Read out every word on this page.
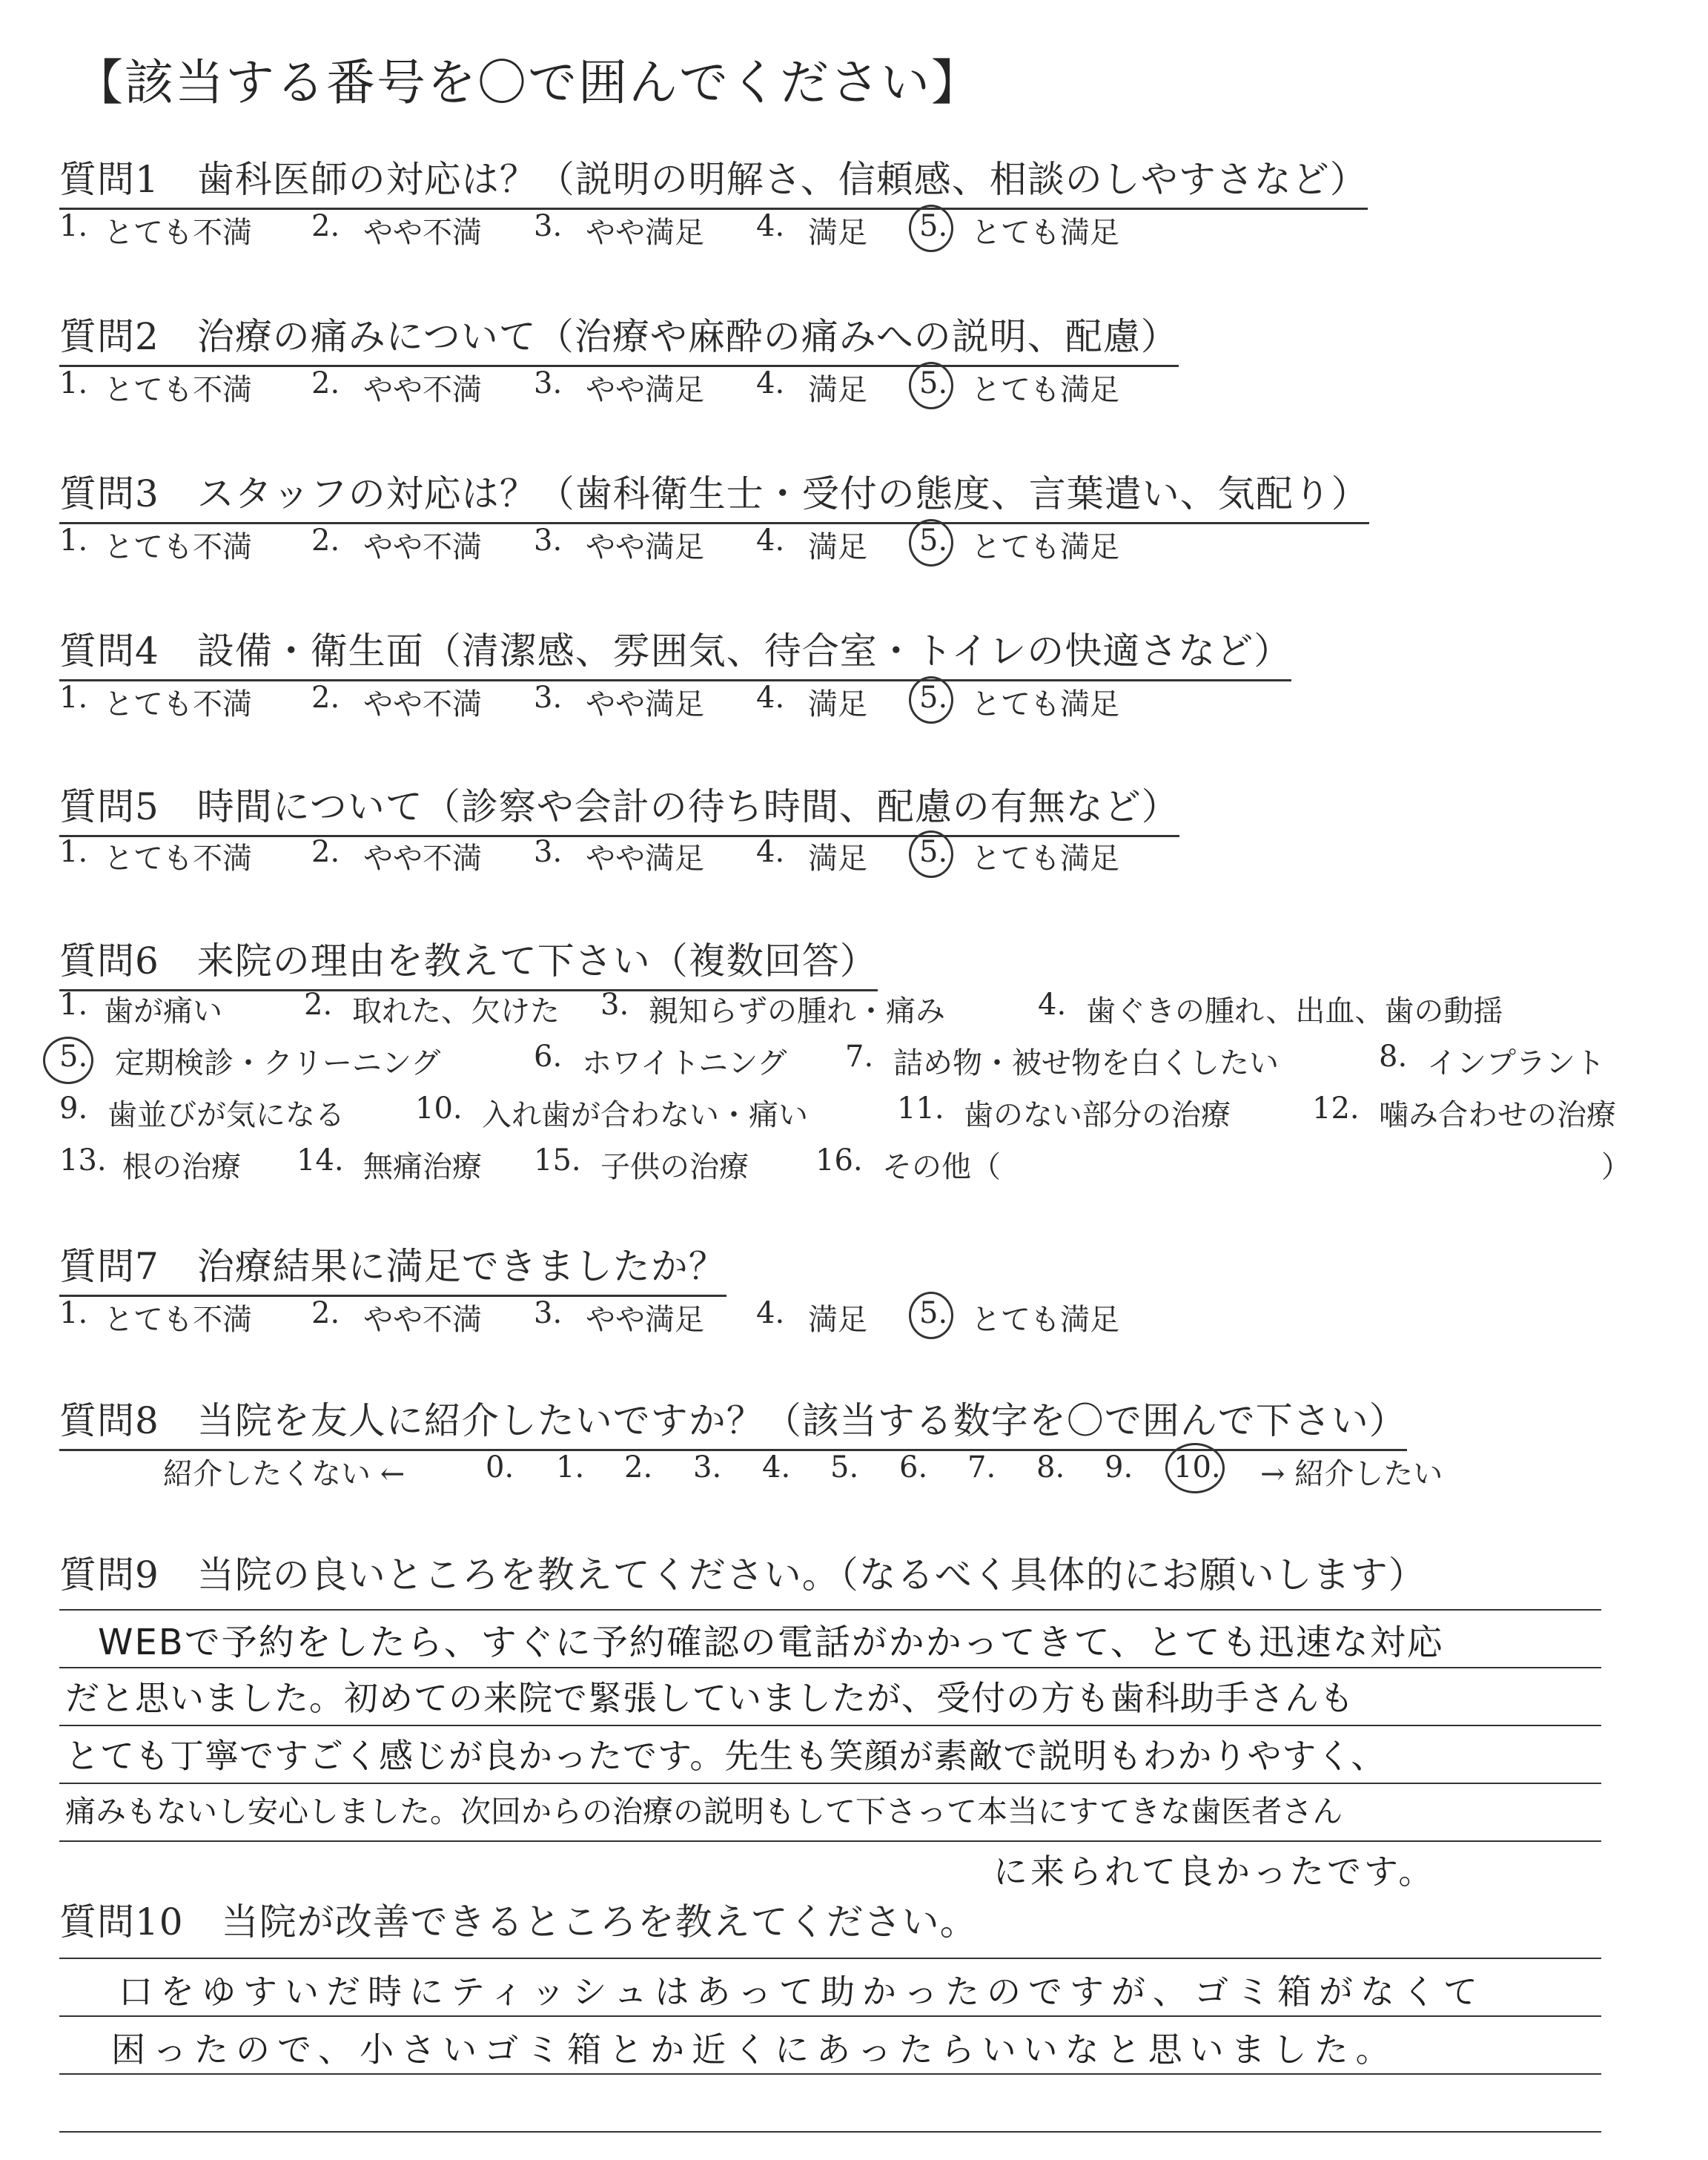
【該当する番号を〇で囲んでください】
質問1　歯科医師の対応は？（説明の明解さ、信頼感、相談のしやすさなど）
1. とても不満 2. やや不満 3. やや満足 4. 満足 5. とても満足
質問2　治療の痛みについて（治療や麻酔の痛みへの説明、配慮）
1. とても不満 2. やや不満 3. やや満足 4. 満足 5. とても満足
質問3　スタッフの対応は？（歯科衛生士・受付の態度、言葉遣い、気配り）
1. とても不満 2. やや不満 3. やや満足 4. 満足 5. とても満足
質問4　設備・衛生面（清潔感、雰囲気、待合室・トイレの快適さなど）
1. とても不満 2. やや不満 3. やや満足 4. 満足 5. とても満足
質問5　時間について（診察や会計の待ち時間、配慮の有無など）
1. とても不満 2. やや不満 3. やや満足 4. 満足 5. とても満足
質問6　来院の理由を教えて下さい（複数回答）
1. 歯が痛い	2. 取れた、欠けた 3. 親知らずの腫れ・痛み	4. 歯ぐきの腫れ、出血、歯の動揺
5. 定期検診・クリーニング	6. ホワイトニング 7. 詰め物・被せ物を白くしたい	8. インプラント
9. 歯並びが気になる 10. 入れ歯が合わない・痛い	11. 歯のない部分の治療	12. 噛み合わせの治療
13. 根の治療 14. 無痛治療 15. 子供の治療 16. その他（	）
質問7　治療結果に満足できましたか？
1. とても不満 2. やや不満 3. やや満足 4. 満足 5. とても満足
質問8　当院を友人に紹介したいですか？（該当する数字を〇で囲んで下さい）
紹介したくない ←	0. 1. 2. 3. 4. 5. 6. 7. 8. 9. 10. → 紹介したい
質問9　当院の良いところを教えてください。（なるべく具体的にお願いします）
WEBで予約をしたら、すぐに予約確認の電話がかかってきて、とても迅速な対応
だと思いました。初めての来院で緊張していましたが、受付の方も歯科助手さんも
とても丁寧ですごく感じが良かったです。先生も笑顔が素敵で説明もわかりやすく、
痛みもないし安心しました。次回からの治療の説明もして下さって本当にすてきな歯医者さん
に来られて良かったです。
質問10　当院が改善できるところを教えてください。
口をゆすいだ時にティッシュはあって助かったのですが、ゴミ箱がなくて
困ったので、小さいゴミ箱とか近くにあったらいいなと思いました。
